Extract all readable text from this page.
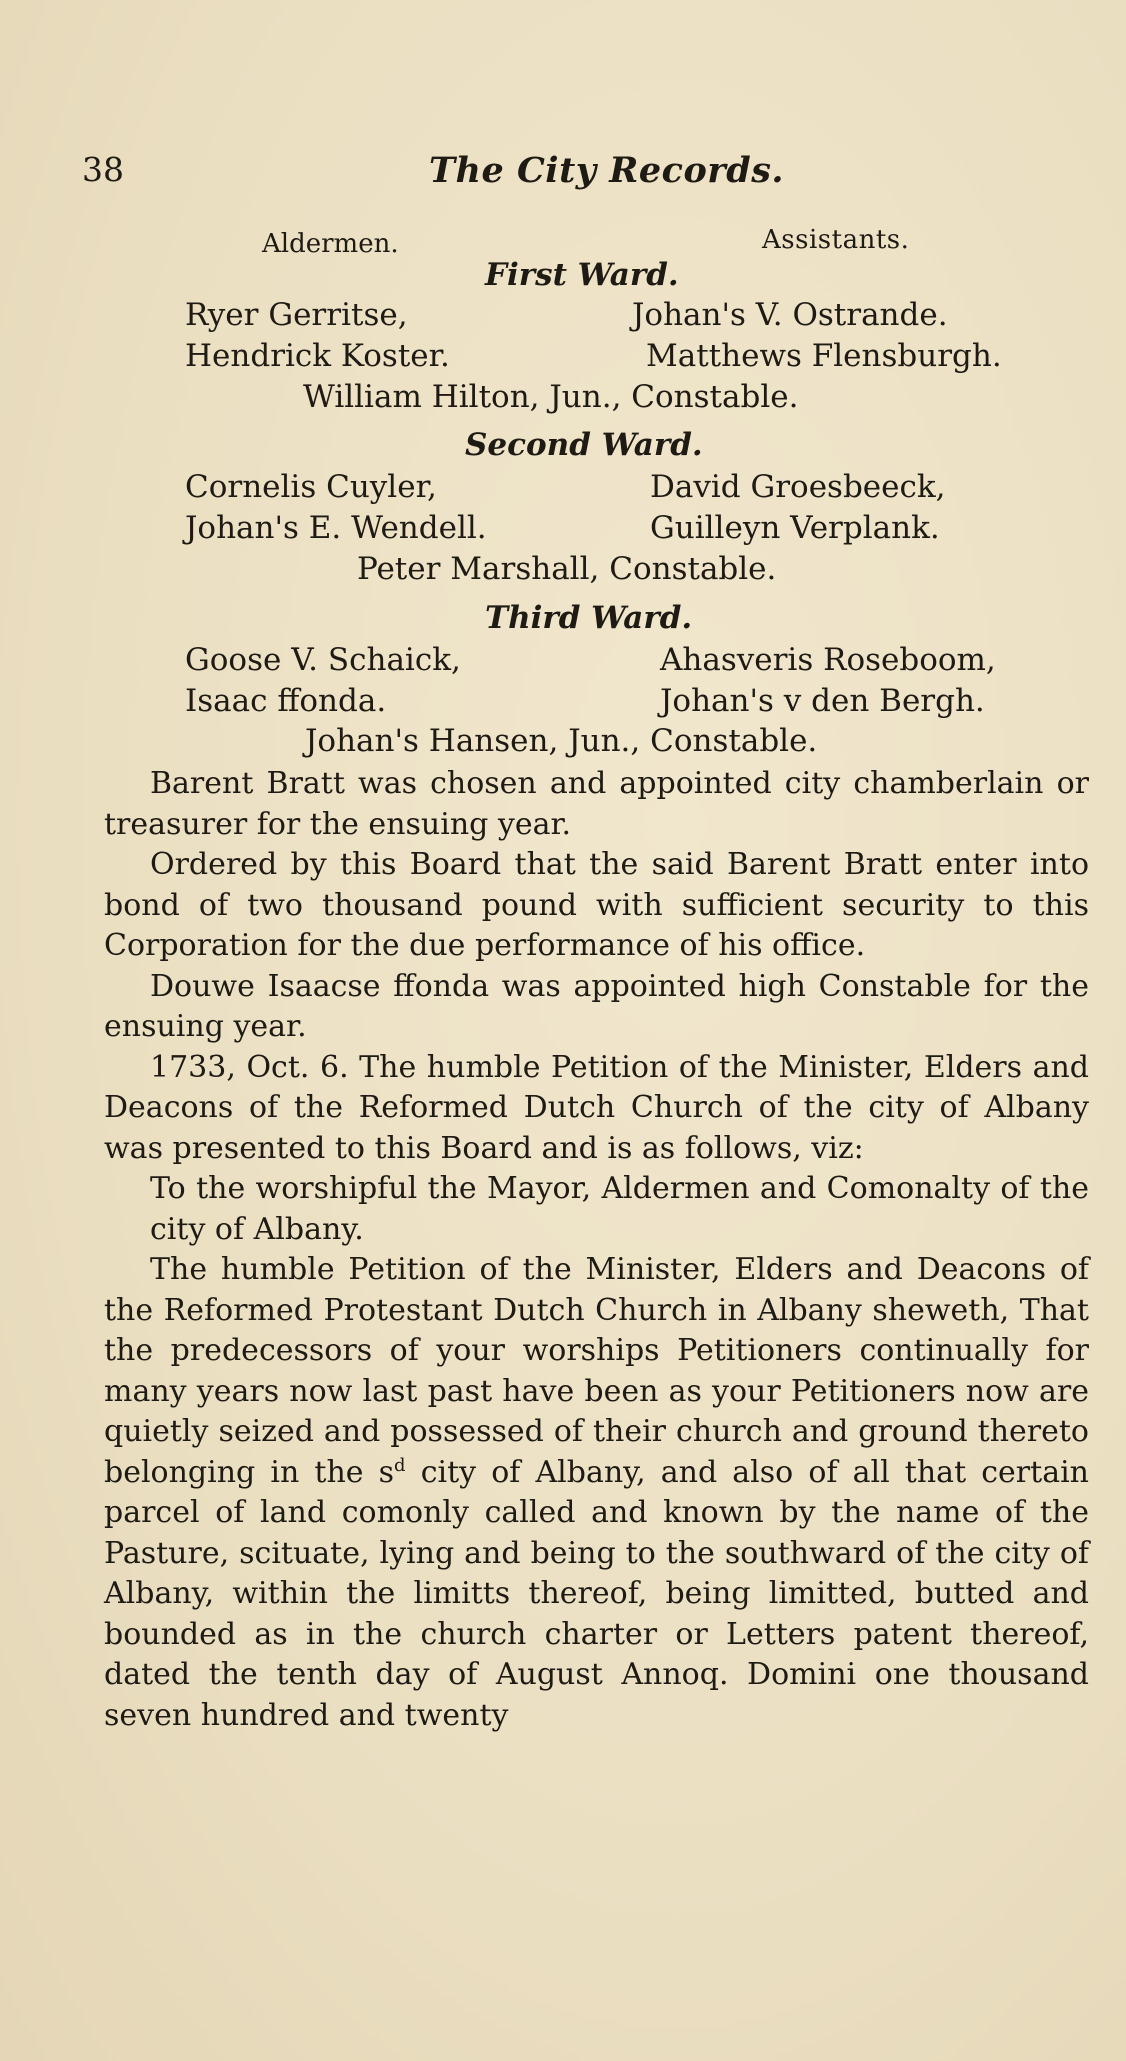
38	The City Records.
Aldermen.	Assistants.
First Ward.
Ryer Gerritse,	Johan's V. Ostrande.
Hendrick Koster.	Matthews Flensburgh.
William Hilton, Jun., Constable.
Second Ward.
Cornelis Cuyler,	David Groesbeeck,
Johan's E. Wendell.	Guilleyn Verplank.
Peter Marshall, Constable.
Third Ward.
Goose V. Schaick,	Ahasveris Roseboom,
Isaac ffonda.	Johan's v den Bergh.
Johan's Hansen, Jun., Constable.

Barent Bratt was chosen and appointed city chamberlain or treasurer for the ensuing year.

Ordered by this Board that the said Barent Bratt enter into bond of two thousand pound with sufficient security to this Corporation for the due performance of his office.

Douwe Isaacse ffonda was appointed high Constable for the ensuing year.

1733, Oct. 6. The humble Petition of the Minister, Elders and Deacons of the Reformed Dutch Church of the city of Albany was presented to this Board and is as follows, viz:

To the worshipful the Mayor, Aldermen and Comonalty of the city of Albany.

The humble Petition of the Minister, Elders and Deacons of the Reformed Protestant Dutch Church in Albany sheweth, That the predecessors of your worships Petitioners continually for many years now last past have been as your Petitioners now are quietly seized and possessed of their church and ground thereto belonging in the $s^d$ city of Albany, and also of all that certain parcel of land comonly called and known by the name of the Pasture, scituate, lying and being to the southward of the city of Albany, within the limitts thereof, being limitted, butted and bounded as in the church charter or Letters patent thereof, dated the tenth day of August Annoq. Domini one thousand seven hundred and twenty
